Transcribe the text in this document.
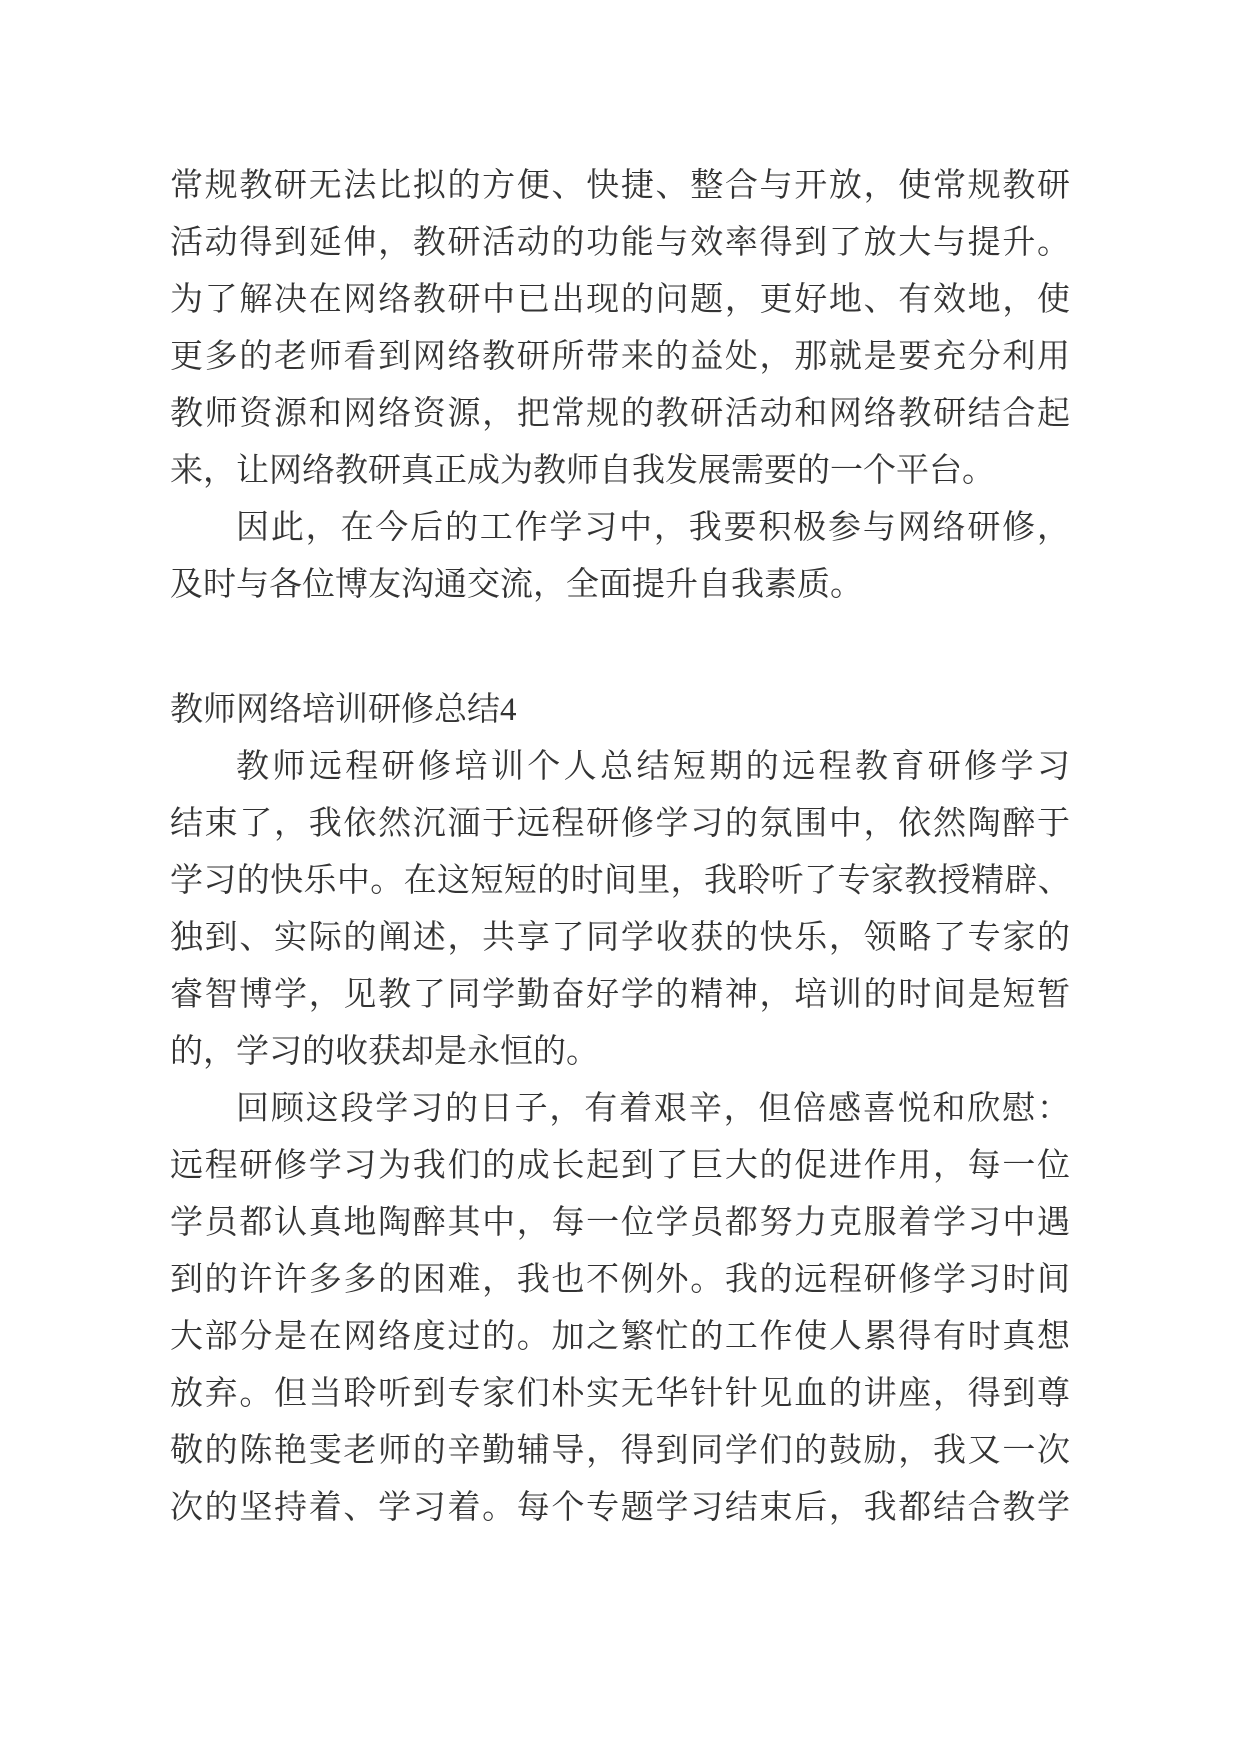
常规教研无法比拟的方便、快捷、整合与开放，使常规教研
活动得到延伸，教研活动的功能与效率得到了放大与提升。
为了解决在网络教研中已出现的问题，更好地、有效地，使
更多的老师看到网络教研所带来的益处，那就是要充分利用
教师资源和网络资源，把常规的教研活动和网络教研结合起
来，让网络教研真正成为教师自我发展需要的一个平台。
因此，在今后的工作学习中，我要积极参与网络研修，
及时与各位博友沟通交流，全面提升自我素质。
教师网络培训研修总结4
教师远程研修培训个人总结短期的远程教育研修学习
结束了，我依然沉湎于远程研修学习的氛围中，依然陶醉于
学习的快乐中。在这短短的时间里，我聆听了专家教授精辟、
独到、实际的阐述，共享了同学收获的快乐，领略了专家的
睿智博学，见教了同学勤奋好学的精神，培训的时间是短暂
的，学习的收获却是永恒的。
回顾这段学习的日子，有着艰辛，但倍感喜悦和欣慰：
远程研修学习为我们的成长起到了巨大的促进作用，每一位
学员都认真地陶醉其中，每一位学员都努力克服着学习中遇
到的许许多多的困难，我也不例外。我的远程研修学习时间
大部分是在网络度过的。加之繁忙的工作使人累得有时真想
放弃。但当聆听到专家们朴实无华针针见血的讲座，得到尊
敬的陈艳雯老师的辛勤辅导，得到同学们的鼓励，我又一次
次的坚持着、学习着。每个专题学习结束后，我都结合教学
